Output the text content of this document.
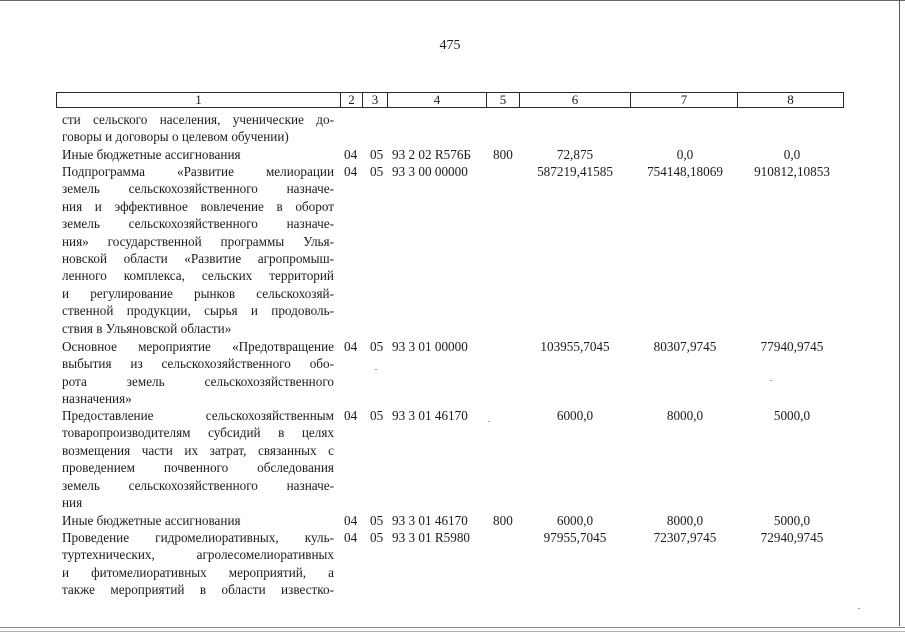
475
1	2	3	4	5	6	7	8
сти сельского населения, ученические до-
говоры и договоры о целевом обучении)
Иные бюджетные ассигнования	04 05 93 2 02 R576Б 800	72,875	0,0	0,0
Подпрограмма «Развитие мелиорации
земель сельскохозяйственного назначе-
ния и эффективное вовлечение в оборот
земель сельскохозяйственного назначе-
ния» государственной программы Улья-
новской области «Развитие агропромыш-
ленного комплекса, сельских территорий
и регулирование рынков сельскохозяй-
ственной продукции, сырья и продоволь-
ствия в Ульяновской области»
04 05 93 3 00 00000	587219,41585	754148,18069	910812,10853
Основное мероприятие «Предотвращение
выбытия из сельскохозяйственного обо-
рота земель сельскохозяйственного
назначения»
04 05 93 3 01 00000	103955,7045	80307,9745	77940,9745
Предоставление сельскохозяйственным
товаропроизводителям субсидий в целях
возмещения части их затрат, связанных с
проведением почвенного обследования
земель сельскохозяйственного назначе-
ния
04 05 93 3 01 46170	6000,0	8000,0	5000,0
Иные бюджетные ассигнования	04 05 93 3 01 46170 800	6000,0	8000,0	5000,0
Проведение гидромелиоративных, куль-
туртехнических, агролесомелиоративных
и фитомелиоративных мероприятий, а
также мероприятий в области известко-
04 05 93 3 01 R5980	97955,7045	72307,9745	72940,9745
